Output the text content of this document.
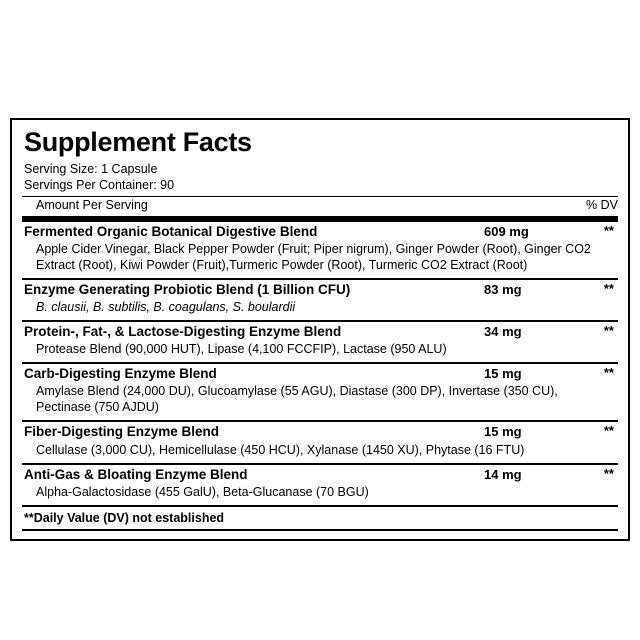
Supplement Facts
Serving Size: 1 Capsule
Servings Per Container: 90
Amount Per Serving	% DV
Fermented Organic Botanical Digestive Blend	609 mg	**
Apple Cider Vinegar, Black Pepper Powder (Fruit; Piper nigrum), Ginger Powder (Root), Ginger CO2 Extract (Root), Kiwi Powder (Fruit),Turmeric Powder (Root), Turmeric CO2 Extract (Root)
Enzyme Generating Probiotic Blend (1 Billion CFU)	83 mg	**
B. clausii, B. subtilis, B. coagulans, S. boulardii
Protein-, Fat-, & Lactose-Digesting Enzyme Blend	34 mg	**
Protease Blend (90,000 HUT), Lipase (4,100 FCCFIP), Lactase (950 ALU)
Carb-Digesting Enzyme Blend	15 mg	**
Amylase Blend (24,000 DU), Glucoamylase (55 AGU), Diastase (300 DP), Invertase (350 CU), Pectinase (750 AJDU)
Fiber-Digesting Enzyme Blend	15 mg	**
Cellulase (3,000 CU), Hemicellulase (450 HCU), Xylanase (1450 XU), Phytase (16 FTU)
Anti-Gas & Bloating Enzyme Blend	14 mg	**
Alpha-Galactosidase (455 GalU), Beta-Glucanase (70 BGU)
**Daily Value (DV) not established
